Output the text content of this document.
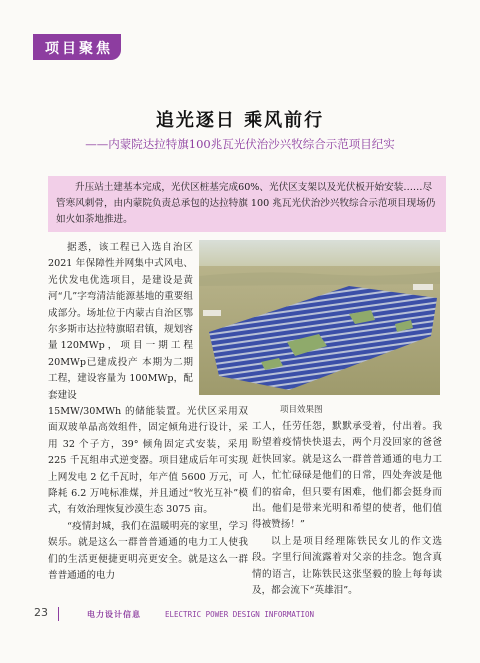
项目聚焦
追光逐日 乘风前行
——内蒙院达拉特旗100兆瓦光伏治沙兴牧综合示范项目纪实
升压站土建基本完成，光伏区桩基完成60%、光伏区支架以及光伏板开始安装……尽管寒风刺骨，由内蒙院负责总承包的达拉特旗 100 兆瓦光伏治沙兴牧综合示范项目现场仍如火如荼地推进。

据悉，该工程已入选自治区 2021 年保障性并网集中式风电、光伏发电优选项目，是建设是黄河“几”字弯清洁能源基地的重要组成部分。场址位于内蒙古自治区鄂尔多斯市达拉特旗昭君镇，规划容量120MWp，项目一期工程 20MWp已建成投产 本期为二期工程，建设容量为 100MWp，配套建设

项目效果图

15MW/30MWh 的储能装置。光伏区采用双面双玻单晶高效组件，固定倾角进行设计，采用 32 个子方，39° 倾角固定式安装，采用 225 千瓦组串式逆变器。项目建成后年可实现上网发电 2 亿千瓦时，年产值 5600 万元，可降耗 6.2 万吨标准煤，并且通过“牧光互补”模式，有效治理恢复沙漠生态 3075 亩。

“疫情封城，我们在温暖明亮的家里，学习娱乐。就是这么一群普普通通的电力工人使我们的生活更便捷更明亮更安全。就是这么一群普普通通的电力

工人，任劳任怨，默默承受着，付出着。我盼望着疫情快快退去，两个月没回家的爸爸赶快回家。就是这么一群普普通通的电力工人，忙忙碌碌是他们的日常，四处奔波是他们的宿命，但只要有困难，他们都会挺身而出。他们是带来光明和希望的使者，他们值得被赞扬！”

以上是项目经理陈铁民女儿的作文选段。字里行间流露着对父亲的挂念。饱含真情的语言，让陈铁民这张坚毅的脸上每每读及，都会流下“英雄泪”。

23	电力设计信息	ELECTRIC POWER DESIGN INFORMATION
